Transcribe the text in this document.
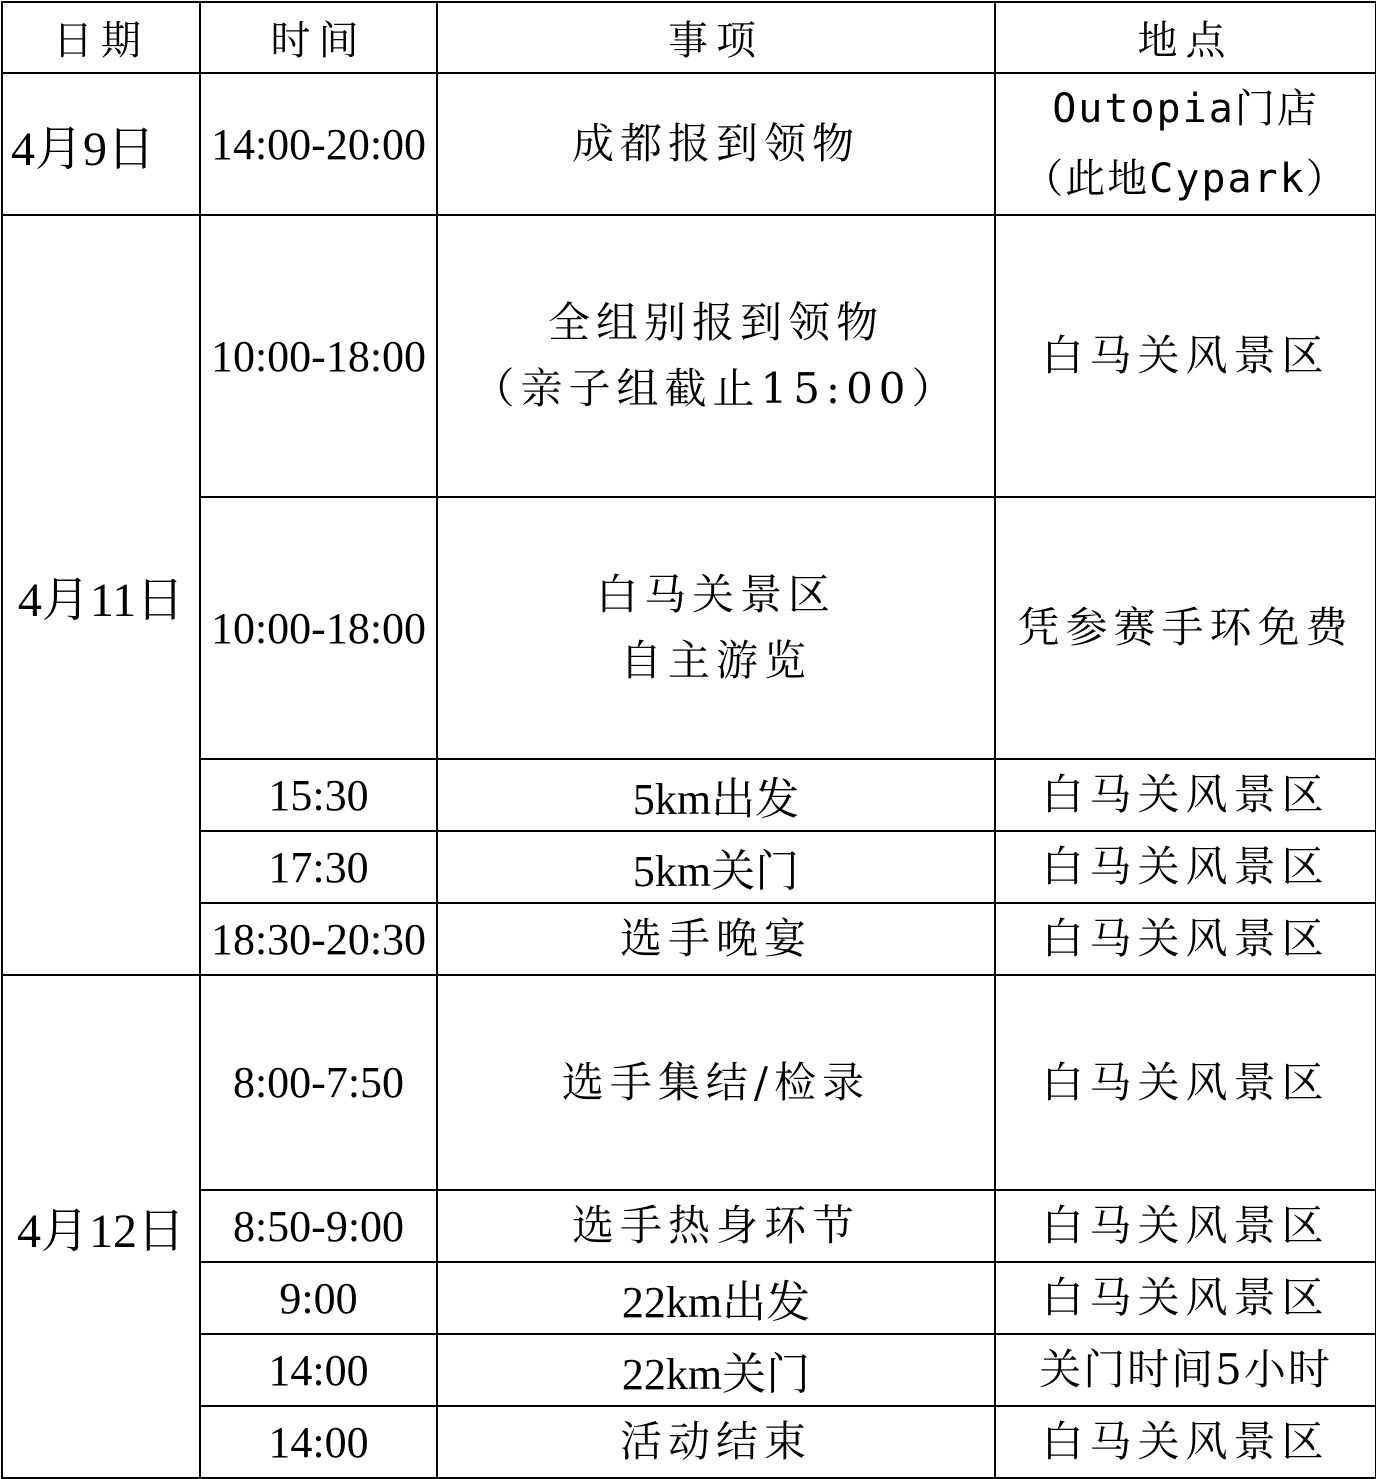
日期	时间	事项	地点
4月9日	14:00-20:00	成都报到领物	Outopia门店
（此地Cypark）

4月11日	10:00-18:00	全组别报到领物
（亲子组截止15:00）	白马关风景区

	10:00-18:00	白马关景区
自主游览	凭参赛手环免费

	15:30	5km出发	白马关风景区

	17:30	5km关门	白马关风景区

	18:30-20:30	选手晚宴	白马关风景区

4月12日	8:00-7:50	选手集结/检录	白马关风景区

	8:50-9:00	选手热身环节	白马关风景区

	9:00	22km出发	白马关风景区

	14:00	22km关门	关门时间5小时

	14:00	活动结束	白马关风景区
